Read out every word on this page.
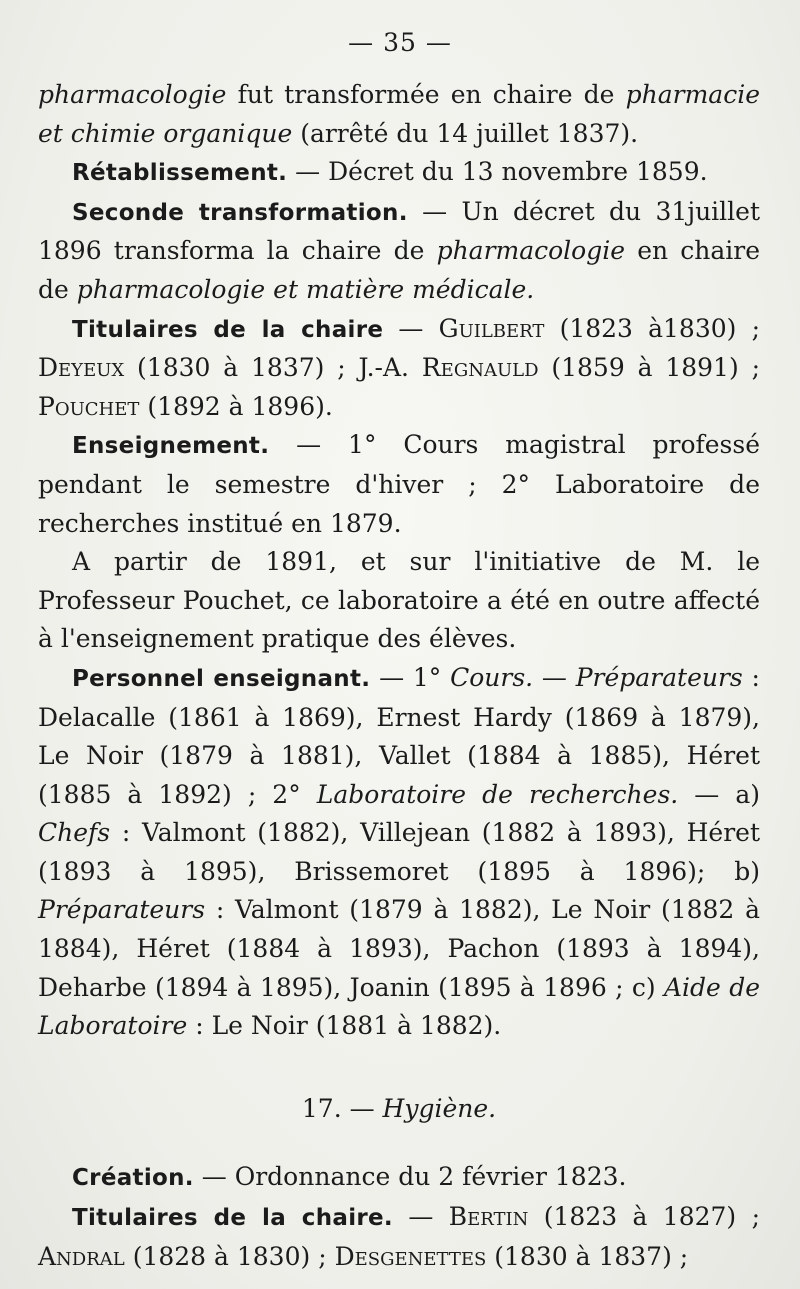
— 35 —

pharmacologie fut transformée en chaire de pharmacie et chimie organique (arrêté du 14 juillet 1837).

Rétablissement. — Décret du 13 novembre 1859.

Seconde transformation. — Un décret du 31juillet 1896 transforma la chaire de pharmacologie en chaire de pharmacologie et matière médicale.

Titulaires de la chaire — Guilbert (1823 à1830) ; Deyeux (1830 à 1837) ; J.-A. Regnauld (1859 à 1891) ; Pouchet (1892 à 1896).

Enseignement. — 1° Cours magistral professé pendant le semestre d'hiver ; 2° Laboratoire de recherches institué en 1879.

A partir de 1891, et sur l'initiative de M. le Professeur Pouchet, ce laboratoire a été en outre affecté à l'enseignement pratique des élèves.

Personnel enseignant. — 1° Cours. — Préparateurs : Delacalle (1861 à 1869), Ernest Hardy (1869 à 1879), Le Noir (1879 à 1881), Vallet (1884 à 1885), Héret (1885 à 1892) ; 2° Laboratoire de recherches. — a) Chefs : Valmont (1882), Villejean (1882 à 1893), Héret (1893 à 1895), Brissemoret (1895 à 1896); b) Préparateurs : Valmont (1879 à 1882), Le Noir (1882 à 1884), Héret (1884 à 1893), Pachon (1893 à 1894), Deharbe (1894 à 1895), Joanin (1895 à 1896 ; c) Aide de Laboratoire : Le Noir (1881 à 1882).

17. — Hygiène.

Création. — Ordonnance du 2 février 1823.

Titulaires de la chaire. — Bertin (1823 à 1827) ; Andral (1828 à 1830) ; Desgenettes (1830 à 1837) ;
